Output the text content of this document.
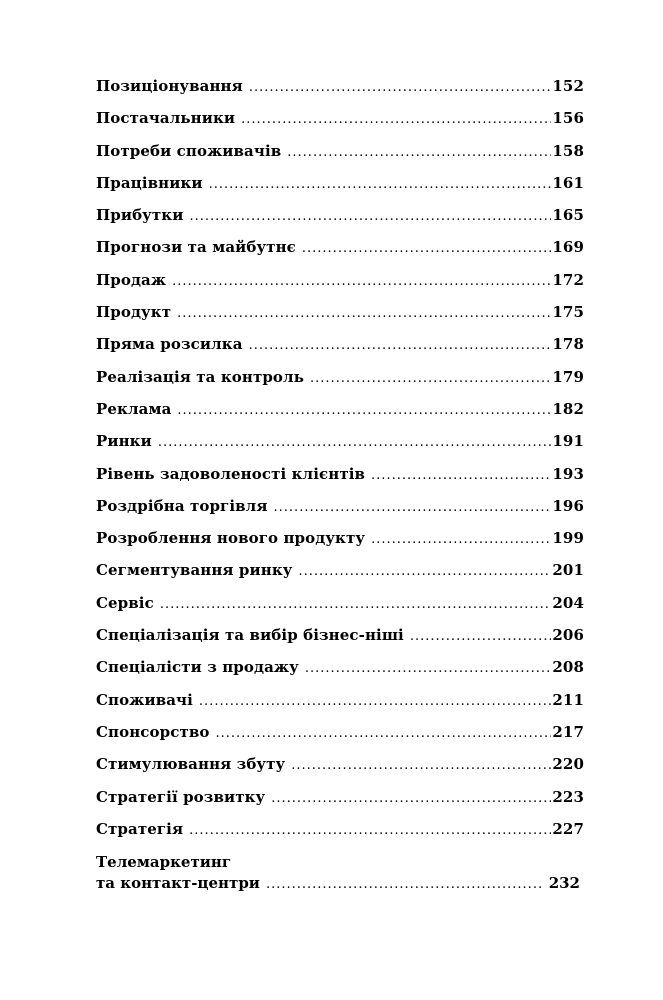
Позиціонування .....	152
Постачальники .....	156
Потреби споживачів .....	158
Працівники .....	161
Прибутки .....	165
Прогнози та майбутнє .....	169
Продаж .....	172
Продукт .....	175
Пряма розсилка .....	178
Реалізація та контроль .....	179
Реклама .....	182
Ринки .....	191
Рівень задоволеності клієнтів .....	193
Роздрібна торгівля .....	196
Розроблення нового продукту .....	199
Сегментування ринку .....	201
Сервіс .....	204
Спеціалізація та вибір бізнес-ніші .....	206
Спеціалісти з продажу .....	208
Споживачі .....	211
Спонсорство .....	217
Стимулювання збуту .....	220
Стратегії розвитку .....	223
Стратегія .....	227
Телемаркетинг
та контакт-центри .....	232
